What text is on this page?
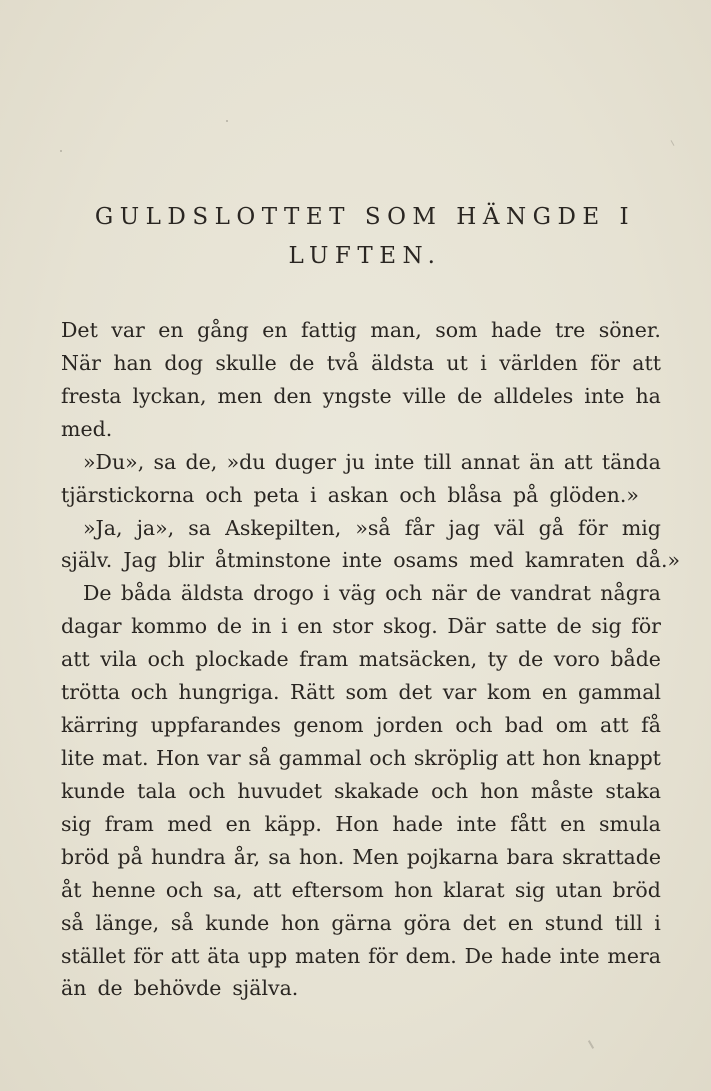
GULDSLOTTET SOM HÄNGDE I
LUFTEN.
Det var en gång en fattig man, som hade tre söner.
När han dog skulle de två äldsta ut i världen för att
fresta lyckan, men den yngste ville de alldeles inte ha
med.
»Du», sa de, »du duger ju inte till annat än att tända
tjärstickorna och peta i askan och blåsa på glöden.»
»Ja, ja», sa Askepilten, »så får jag väl gå för mig
själv. Jag blir åtminstone inte osams med kamraten då.»
De båda äldsta drogo i väg och när de vandrat några
dagar kommo de in i en stor skog. Där satte de sig för
att vila och plockade fram matsäcken, ty de voro både
trötta och hungriga. Rätt som det var kom en gammal
kärring uppfarandes genom jorden och bad om att få
lite mat. Hon var så gammal och skröplig att hon knappt
kunde tala och huvudet skakade och hon måste staka
sig fram med en käpp. Hon hade inte fått en smula
bröd på hundra år, sa hon. Men pojkarna bara skrattade
åt henne och sa, att eftersom hon klarat sig utan bröd
så länge, så kunde hon gärna göra det en stund till i
stället för att äta upp maten för dem. De hade inte mera
än de behövde själva.
